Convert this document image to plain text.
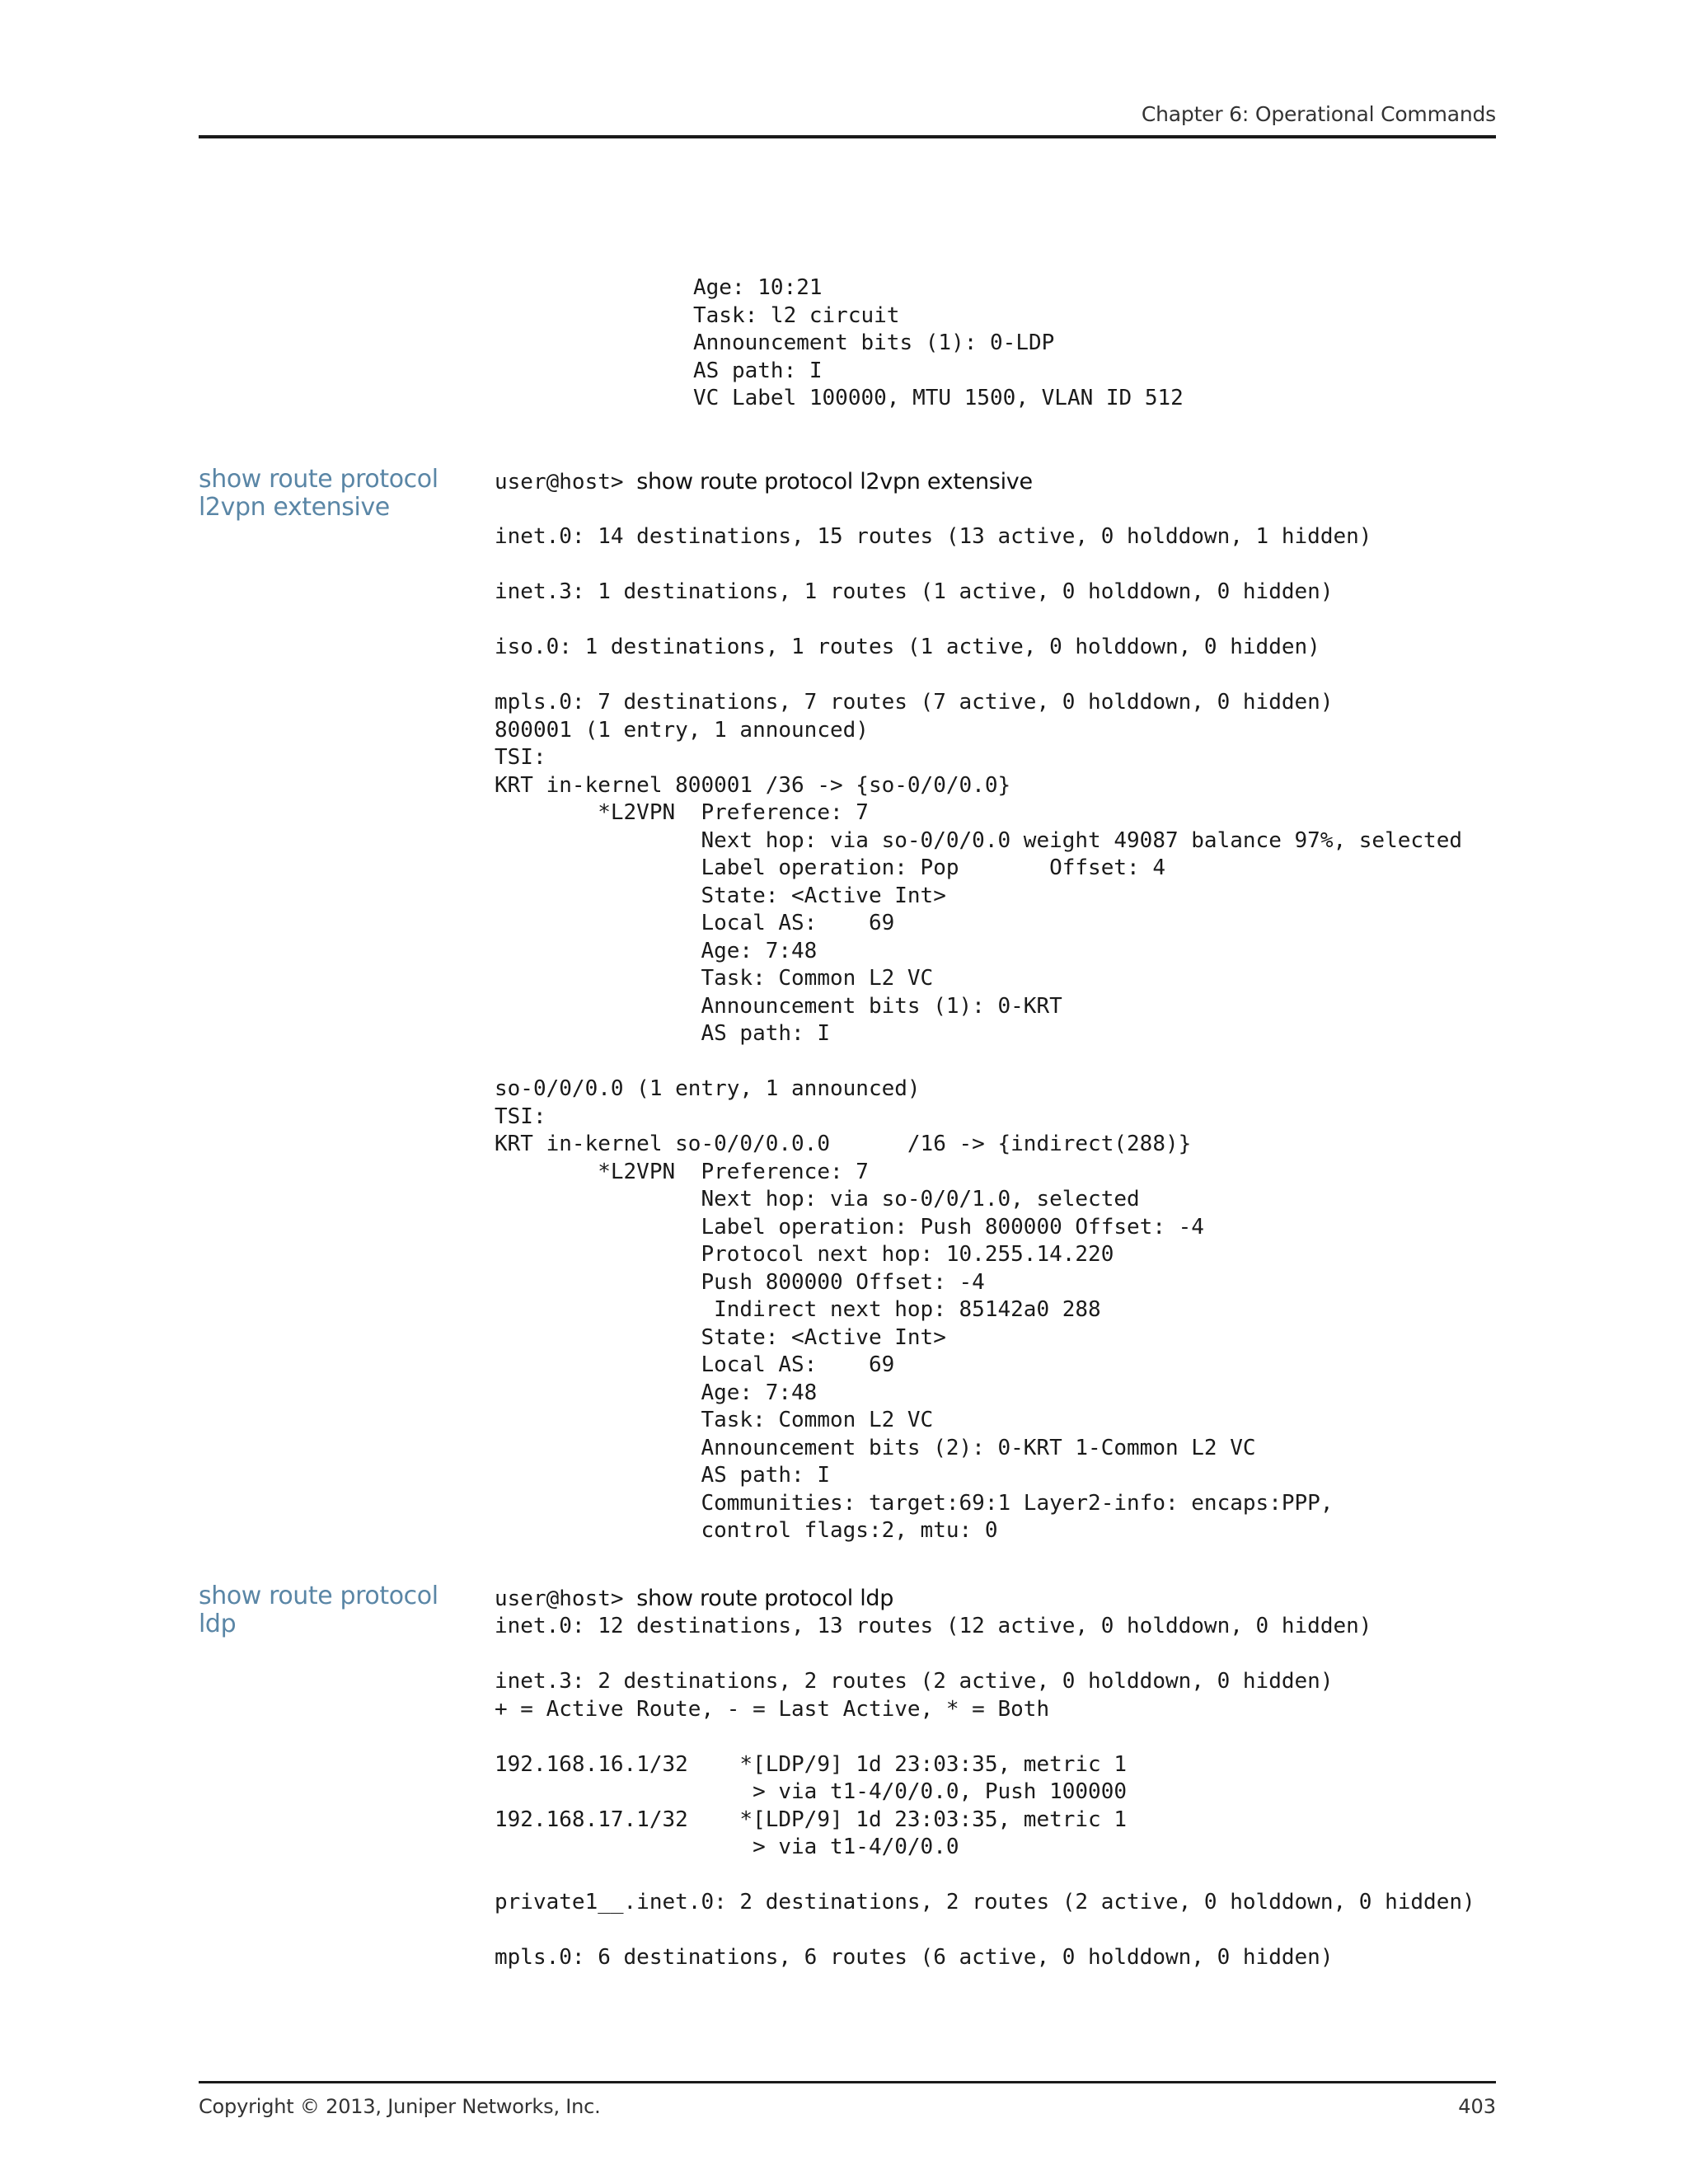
Chapter 6: Operational Commands
Age: 10:21
Task: l2 circuit
Announcement bits (1): 0-LDP
AS path: I
VC Label 100000, MTU 1500, VLAN ID 512
show route protocol l2vpn extensive
user@host> show route protocol l2vpn extensive
inet.0: 14 destinations, 15 routes (13 active, 0 holddown, 1 hidden)

inet.3: 1 destinations, 1 routes (1 active, 0 holddown, 0 hidden)

iso.0: 1 destinations, 1 routes (1 active, 0 holddown, 0 hidden)

mpls.0: 7 destinations, 7 routes (7 active, 0 holddown, 0 hidden)
800001 (1 entry, 1 announced)
TSI:
KRT in-kernel 800001 /36 -> {so-0/0/0.0}
*L2VPN  Preference: 7
Next hop: via so-0/0/0.0 weight 49087 balance 97%, selected
Label operation: Pop       Offset: 4
State: <Active Int>
Local AS:    69
Age: 7:48
Task: Common L2 VC
Announcement bits (1): 0-KRT
AS path: I

so-0/0/0.0 (1 entry, 1 announced)
TSI:
KRT in-kernel so-0/0/0.0.0      /16 -> {indirect(288)}
*L2VPN  Preference: 7
Next hop: via so-0/0/1.0, selected
Label operation: Push 800000 Offset: -4
Protocol next hop: 10.255.14.220
Push 800000 Offset: -4
Indirect next hop: 85142a0 288
State: <Active Int>
Local AS:    69
Age: 7:48
Task: Common L2 VC
Announcement bits (2): 0-KRT 1-Common L2 VC
AS path: I
Communities: target:69:1 Layer2-info: encaps:PPP,
control flags:2, mtu: 0
show route protocol ldp
user@host> show route protocol ldp
inet.0: 12 destinations, 13 routes (12 active, 0 holddown, 0 hidden)

inet.3: 2 destinations, 2 routes (2 active, 0 holddown, 0 hidden)
+ = Active Route, - = Last Active, * = Both

192.168.16.1/32    *[LDP/9] 1d 23:03:35, metric 1
> via t1-4/0/0.0, Push 100000
192.168.17.1/32    *[LDP/9] 1d 23:03:35, metric 1
> via t1-4/0/0.0

private1__.inet.0: 2 destinations, 2 routes (2 active, 0 holddown, 0 hidden)

mpls.0: 6 destinations, 6 routes (6 active, 0 holddown, 0 hidden)
Copyright © 2013, Juniper Networks, Inc.	403
